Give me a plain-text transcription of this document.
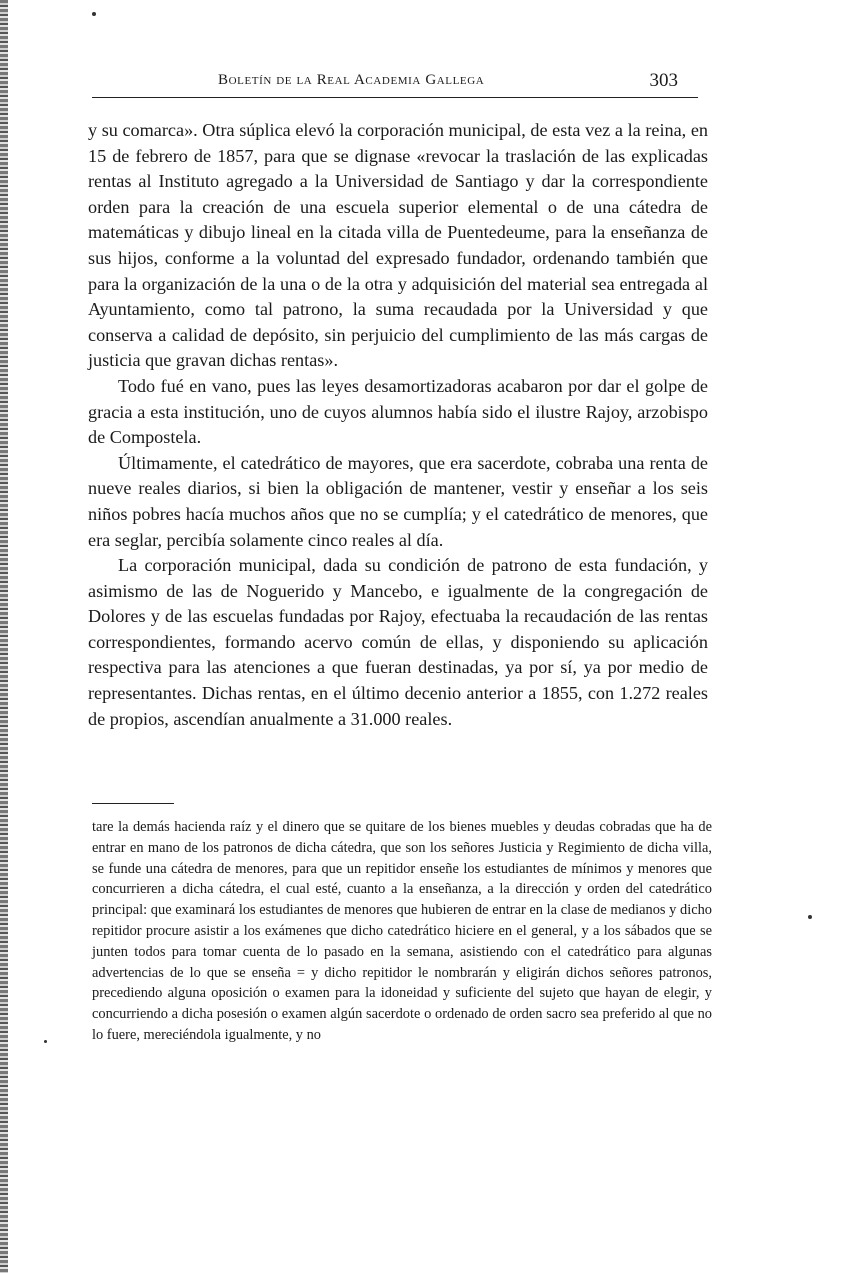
Boletín de la Real Academia Gallega	303

y su comarca». Otra súplica elevó la corporación municipal, de esta vez a la reina, en 15 de febrero de 1857, para que se dignase «revocar la traslación de las explicadas rentas al Instituto agregado a la Universidad de Santiago y dar la correspondiente orden para la creación de una escuela superior elemental o de una cátedra de matemáticas y dibujo lineal en la citada villa de Puentedeume, para la enseñanza de sus hijos, conforme a la voluntad del expresado fundador, ordenando también que para la organización de la una o de la otra y adquisición del material sea entregada al Ayuntamiento, como tal patrono, la suma recaudada por la Universidad y que conserva a calidad de depósito, sin perjuicio del cumplimiento de las más cargas de justicia que gravan dichas rentas».

Todo fué en vano, pues las leyes desamortizadoras acabaron por dar el golpe de gracia a esta institución, uno de cuyos alumnos había sido el ilustre Rajoy, arzobispo de Compostela.

Últimamente, el catedrático de mayores, que era sacerdote, cobraba una renta de nueve reales diarios, si bien la obligación de mantener, vestir y enseñar a los seis niños pobres hacía muchos años que no se cumplía; y el catedrático de menores, que era seglar, percibía solamente cinco reales al día.

La corporación municipal, dada su condición de patrono de esta fundación, y asimismo de las de Noguerido y Mancebo, e igualmente de la congregación de Dolores y de las escuelas fundadas por Rajoy, efectuaba la recaudación de las rentas correspondientes, formando acervo común de ellas, y disponiendo su aplicación respectiva para las atenciones a que fueran destinadas, ya por sí, ya por medio de representantes. Dichas rentas, en el último decenio anterior a 1855, con 1.272 reales de propios, ascendían anualmente a 31.000 reales.

tare la demás hacienda raíz y el dinero que se quitare de los bienes muebles y deudas cobradas que ha de entrar en mano de los patronos de dicha cátedra, que son los señores Justicia y Regimiento de dicha villa, se funde una cátedra de menores, para que un repitidor enseñe los estudiantes de mínimos y menores que concurrieren a dicha cátedra, el cual esté, cuanto a la enseñanza, a la dirección y orden del catedrático principal: que examinará los estudiantes de menores que hubieren de entrar en la clase de medianos y dicho repitidor procure asistir a los exámenes que dicho catedrático hiciere en el general, y a los sábados que se junten todos para tomar cuenta de lo pasado en la semana, asistiendo con el catedrático para algunas advertencias de lo que se enseña = y dicho repitidor le nombrarán y eligirán dichos señores patronos, precediendo alguna oposición o examen para la idoneidad y suficiente del sujeto que hayan de elegir, y concurriendo a dicha posesión o examen algún sacerdote o ordenado de orden sacro sea preferido al que no lo fuere, mereciéndola igualmente, y no
